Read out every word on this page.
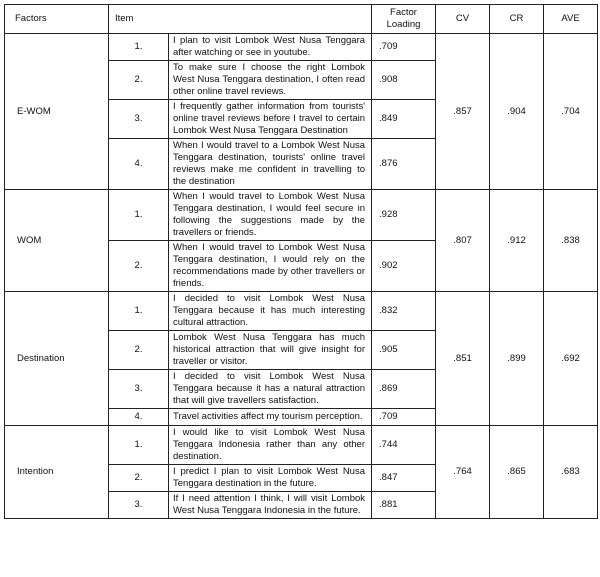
Factors	Item		Factor Loading	CV	CR	AVE
E-WOM	1.	I plan to visit Lombok West Nusa Tenggara after watching or see in youtube.	.709	.857	.904	.704
	2.	To make sure I choose the right Lombok West Nusa Tenggara destination, I often read other online travel reviews.	.908			
	3.	I frequently gather information from tourists' online travel reviews before I travel to certain Lombok West Nusa Tenggara Destination	.849			
	4.	When I would travel to a Lombok West Nusa Tenggara destination, tourists' online travel reviews make me confident in travelling to the destination	.876			
WOM	1.	When I would travel to Lombok West Nusa Tenggara destination, I would feel secure in following the suggestions made by the travellers or friends.	.928	.807	.912	.838
	2.	When I would travel to Lombok West Nusa Tenggara destination, I would rely on the recommendations made by other travellers or friends.	.902			
Destination	1.	I decided to visit Lombok West Nusa Tenggara because it has much interesting cultural attraction.	.832	.851	.899	.692
	2.	Lombok West Nusa Tenggara has much historical attraction that will give insight for traveller or visitor.	.905			
	3.	I decided to visit Lombok West Nusa Tenggara because it has a natural attraction that will give travellers satisfaction.	.869			
	4.	Travel activities affect my tourism perception.	.709			
Intention	1.	I would like to visit Lombok West Nusa Tenggara Indonesia rather than any other destination.	.744	.764	.865	.683
	2.	I predict I plan to visit Lombok West Nusa Tenggara destination in the future.	.847			
	3.	If I need attention I think, I will visit Lombok West Nusa Tenggara Indonesia in the future.	.881			
